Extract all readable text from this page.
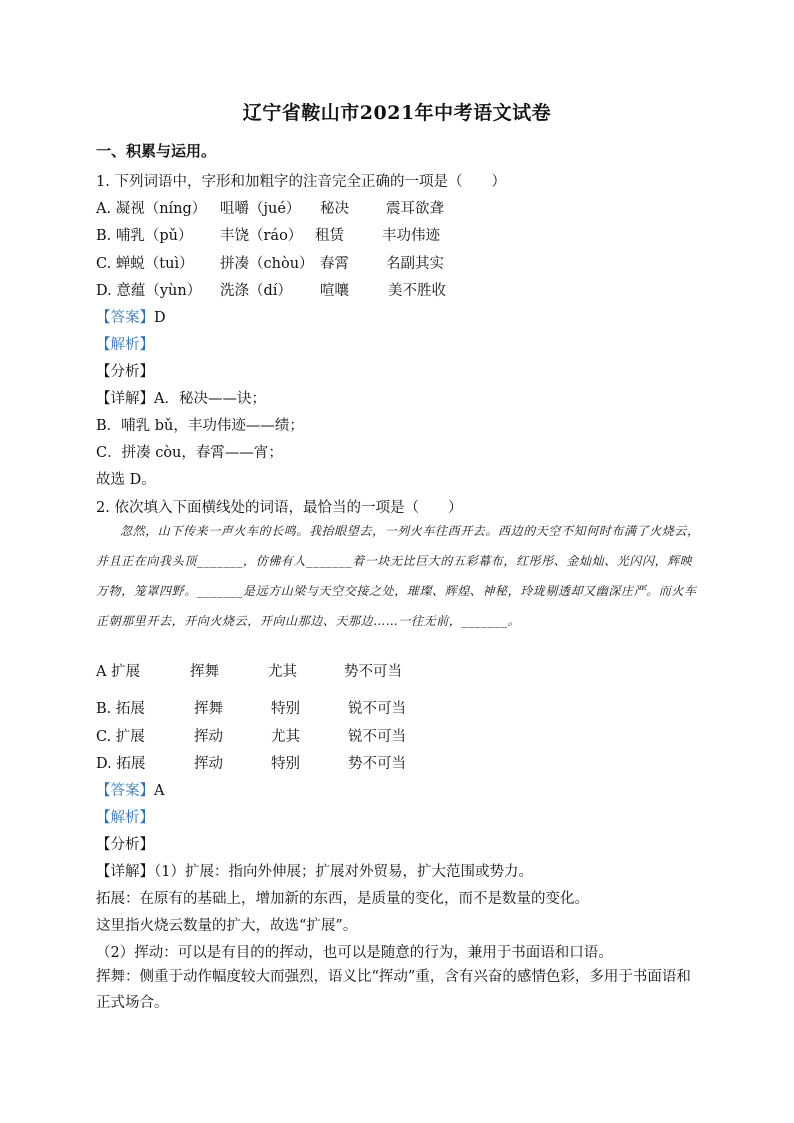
辽宁省鞍山市2021年中考语文试卷
一、积累与运用。
1. 下列词语中，字形和加粗字的注音完全正确的一项是（　　）
A. 凝视（níng） 咀嚼（jué） 秘决	震耳欲聋
B. 哺乳（pǔ） 丰饶（ráo） 租赁	丰功伟迹
C. 蝉蜕（tuì） 拼凑（chòu） 春霄	名副其实
D. 意蕴（yùn） 洗涤（dí） 喧嚷	美不胜收
【答案】D
【解析】
【分析】
【详解】A．秘决——诀；
B．哺乳 bǔ，丰功伟迹——绩；
C．拼凑 còu，春霄——宵；
故选 D。
2. 依次填入下面横线处的词语，最恰当的一项是（　　）

忽然，山下传来一声火车的长鸣。我抬眼望去，一列火车往西开去。西边的天空不知何时布满了火烧云，并且正在向我头顶_______，仿佛有人_______着一块无比巨大的五彩幕布，红彤彤、金灿灿、光闪闪，辉映万物，笼罩四野。_______是远方山梁与天空交接之处，璀璨、辉煌、神秘，玲珑剔透却又幽深庄严。而火车正朝那里开去，开向火烧云，开向山那边、天那边……一往无前，_______。

A 扩展	挥舞	尤其	势不可当
B. 拓展	挥舞	特别	锐不可当
C. 扩展	挥动	尤其	锐不可当
D. 拓展	挥动	特别	势不可当
【答案】A
【解析】
【分析】
【详解】（1）扩展：指向外伸展；扩展对外贸易，扩大范围或势力。
拓展：在原有的基础上，增加新的东西，是质量的变化，而不是数量的变化。
这里指火烧云数量的扩大，故选“扩展”。
（2）挥动：可以是有目的的挥动，也可以是随意的行为，兼用于书面语和口语。

挥舞：侧重于动作幅度较大而强烈，语义比“挥动”重，含有兴奋的感情色彩，多用于书面语和正式场合。
